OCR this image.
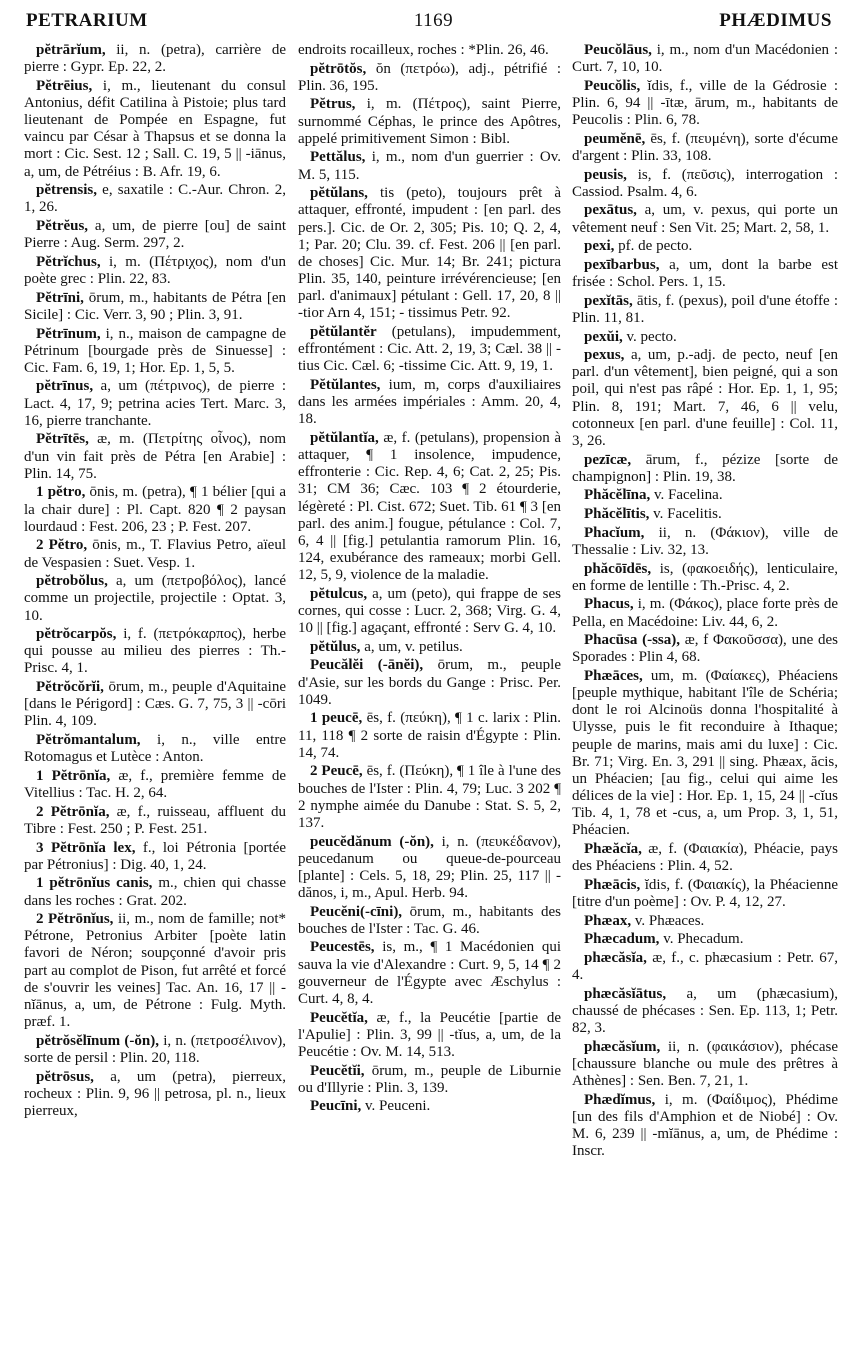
PETRARIUM	1169	PHÆDIMUS

pĕtrārĭum, ii, n. (petra), carrière de pierre : Gypr. Ep. 22, 2.

Pĕtrēius, i, m., lieutenant du consul Antonius, défit Catilina à Pistoie; plus tard lieutenant de Pompée en Espagne, fut vaincu par César à Thapsus et se donna la mort : Cic. Sest. 12 ; Sall. C. 19, 5 || -iānus, a, um, de Pétréius : B. Afr. 19, 6.

pĕtrensis, e, saxatile : C.-Aur. Chron. 2, 1, 26.

Pĕtrĕus, a, um, de pierre [ou] de saint Pierre : Aug. Serm. 297, 2.

Pĕtrĭchus, i, m. (Πέτριχος), nom d'un poète grec : Plin. 22, 83.

Pĕtrīni, ōrum, m., habitants de Pétra [en Sicile] : Cic. Verr. 3, 90 ; Plin. 3, 91.

Pĕtrīnum, i, n., maison de campagne de Pétrinum [bourgade près de Sinuesse] : Cic. Fam. 6, 19, 1; Hor. Ep. 1, 5, 5.

pĕtrīnus, a, um (πέτρινος), de pierre : Lact. 4, 17, 9; petrina acies Tert. Marc. 3, 16, pierre tranchante.

Pĕtrītēs, æ, m. (Πετρίτης οἶνος), nom d'un vin fait près de Pétra [en Arabie] : Plin. 14, 75.

1 pĕtro, ōnis, m. (petra), ¶ 1 bélier [qui a la chair dure] : Pl. Capt. 820 ¶ 2 paysan lourdaud : Fest. 206, 23 ; P. Fest. 207.

2 Pĕtro, ōnis, m., T. Flavius Petro, aïeul de Vespasien : Suet. Vesp. 1.

pĕtrobŏlus, a, um (πετροβόλος), lancé comme un projectile, projectile : Optat. 3, 10.

pĕtrŏcarpŏs, i, f. (πετρόκαρπος), herbe qui pousse au milieu des pierres : Th.-Prisc. 4, 1.

Pĕtrŏcŏrĭi, ōrum, m., peuple d'Aquitaine [dans le Périgord] : Cæs. G. 7, 75, 3 || -cōri Plin. 4, 109.

Pĕtrŏmantalum, i, n., ville entre Rotomagus et Lutèce : Anton.

1 Pĕtrōnĭa, æ, f., première femme de Vitellius : Tac. H. 2, 64.

2 Pĕtrōnĭa, æ, f., ruisseau, affluent du Tibre : Fest. 250 ; P. Fest. 251.

3 Pĕtrōnĭa lex, f., loi Pétronia [portée par Pétronius] : Dig. 40, 1, 24.

1 pĕtrōnĭus canis, m., chien qui chasse dans les roches : Grat. 202.

2 Pĕtrōnĭus, ii, m., nom de famille; not* Pétrone, Petronius Arbiter [poète latin favori de Néron; soupçonné d'avoir pris part au complot de Pison, fut arrêté et forcé de s'ouvrir les veines] Tac. An. 16, 17 || -nĭānus, a, um, de Pétrone : Fulg. Myth. præf. 1.

pĕtrŏsĕlīnum (-ŏn), i, n. (πετροσέλινον), sorte de persil : Plin. 20, 118.

pĕtrōsus, a, um (petra), pierreux, rocheux : Plin. 9, 96 || petrosa, pl. n., lieux pierreux,

endroits rocailleux, roches : *Plin. 26, 46.

pĕtrōtŏs, ŏn (πετρόω), adj., pétrifié : Plin. 36, 195.

Pĕtrus, i, m. (Πέτρος), saint Pierre, surnommé Céphas, le prince des Apôtres, appelé primitivement Simon : Bibl.

Pettălus, i, m., nom d'un guerrier : Ov. M. 5, 115.

pĕtŭlans, tis (peto), toujours prêt à attaquer, effronté, impudent : [en parl. des pers.]. Cic. de Or. 2, 305; Pis. 10; Q. 2, 4, 1; Par. 20; Clu. 39. cf. Fest. 206 || [en parl. de choses] Cic. Mur. 14; Br. 241; pictura Plin. 35, 140, peinture irrévérencieuse; [en parl. d'animaux] pétulant : Gell. 17, 20, 8 || -tior Arn 4, 151; - tissimus Petr. 92.

pĕtŭlantĕr (petulans), impudemment, effrontément : Cic. Att. 2, 19, 3; Cæl. 38 || -tius Cic. Cæl. 6; -tissime Cic. Att. 9, 19, 1.

Pĕtŭlantes, ium, m, corps d'auxiliaires dans les armées impériales : Amm. 20, 4, 18.

pĕtŭlantĭa, æ, f. (petulans), propension à attaquer, ¶ 1 insolence, impudence, effronterie : Cic. Rep. 4, 6; Cat. 2, 25; Pis. 31; CM 36; Cæc. 103 ¶ 2 étourderie, légèreté : Pl. Cist. 672; Suet. Tib. 61 ¶ 3 [en parl. des anim.] fougue, pétulance : Col. 7, 6, 4 || [fig.] petulantia ramorum Plin. 16, 124, exubérance des rameaux; morbi Gell. 12, 5, 9, violence de la maladie.

pĕtulcus, a, um (peto), qui frappe de ses cornes, qui cosse : Lucr. 2, 368; Virg. G. 4, 10 || [fig.] agaçant, effronté : Serv G. 4, 10.

pĕtŭlus, a, um, v. petilus.

Peucălĕi (-ānĕi), ōrum, m., peuple d'Asie, sur les bords du Gange : Prisc. Per. 1049.

1 peucē, ēs, f. (πεύκη), ¶ 1 c. larix : Plin. 11, 118 ¶ 2 sorte de raisin d'Égypte : Plin. 14, 74.

2 Peucē, ēs, f. (Πεύκη), ¶ 1 île à l'une des bouches de l'Ister : Plin. 4, 79; Luc. 3 202 ¶ 2 nymphe aimée du Danube : Stat. S. 5, 2, 137.

peucĕdănum (-ŏn), i, n. (πευκέδανον), peucedanum ou queue-de-pourceau [plante] : Cels. 5, 18, 29; Plin. 25, 117 || -dănos, i, m., Apul. Herb. 94.

Peucĕni(-cīni), ōrum, m., habitants des bouches de l'Ister : Tac. G. 46.

Peucestēs, is, m., ¶ 1 Macédonien qui sauva la vie d'Alexandre : Curt. 9, 5, 14 ¶ 2 gouverneur de l'Égypte avec Æschylus : Curt. 4, 8, 4.

Peucĕtĭa, æ, f., la Peucétie [partie de l'Apulie] : Plin. 3, 99 || -tĭus, a, um, de la Peucétie : Ov. M. 14, 513.

Peucĕtĭi, ōrum, m., peuple de Liburnie ou d'Illyrie : Plin. 3, 139.

Peucīni, v. Peuceni.

Peucŏlāus, i, m., nom d'un Macédonien : Curt. 7, 10, 10.

Peucŏlis, ĭdis, f., ville de la Gédrosie : Plin. 6, 94 || -ītæ, ārum, m., habitants de Peucolis : Plin. 6, 78.

peumĕnē, ēs, f. (πευμένη), sorte d'écume d'argent : Plin. 33, 108.

peusis, is, f. (πεῦσις), interrogation : Cassiod. Psalm. 4, 6.

pexātus, a, um, v. pexus, qui porte un vêtement neuf : Sen Vit. 25; Mart. 2, 58, 1.

pexi, pf. de pecto.

pexībarbus, a, um, dont la barbe est frisée : Schol. Pers. 1, 15.

pexĭtās, ātis, f. (pexus), poil d'une étoffe : Plin. 11, 81.

pexŭi, v. pecto.

pexus, a, um, p.-adj. de pecto, neuf [en parl. d'un vêtement], bien peigné, qui a son poil, qui n'est pas râpé : Hor. Ep. 1, 1, 95; Plin. 8, 191; Mart. 7, 46, 6 || velu, cotonneux [en parl. d'une feuille] : Col. 11, 3, 26.

pezīcæ, ārum, f., pézize [sorte de champignon] : Plin. 19, 38.

Phăcĕlīna, v. Facelina.

Phăcĕlītis, v. Facelitis.

Phacĭum, ii, n. (Φάκιον), ville de Thessalie : Liv. 32, 13.

phăcōīdēs, is, (φακοειδής), lenticulaire, en forme de lentille : Th.-Prisc. 4, 2.

Phacus, i, m. (Φάκος), place forte près de Pella, en Macédoine: Liv. 44, 6, 2.

Phacūsa (-ssa), æ, f Φακοῦσσα), une des Sporades : Plin 4, 68.

Phæāces, um, m. (Φαίακες), Phéaciens [peuple mythique, habitant l'île de Schéria; dont le roi Alcinoüs donna l'hospitalité à Ulysse, puis le fit reconduire à Ithaque; peuple de marins, mais ami du luxe] : Cic. Br. 71; Virg. En. 3, 291 || sing. Phæax, ăcis, un Phéacien; [au fig., celui qui aime les délices de la vie] : Hor. Ep. 1, 15, 24 || -cĭus Tib. 4, 1, 78 et -cus, a, um Prop. 3, 1, 51, Phéacien.

Phæăcĭa, æ, f. (Φαιακία), Phéacie, pays des Phéaciens : Plin. 4, 52.

Phæācis, ĭdis, f. (Φαιακίς), la Phéacienne [titre d'un poème] : Ov. P. 4, 12, 27.

Phæax, v. Phæaces.

Phæcadum, v. Phecadum.

phæcăsĭa, æ, f., c. phæcasium : Petr. 67, 4.

phæcăsĭātus, a, um (phæcasium), chaussé de phécases : Sen. Ep. 113, 1; Petr. 82, 3.

phæcăsĭum, ii, n. (φαικάσιον), phécase [chaussure blanche ou mule des prêtres à Athènes] : Sen. Ben. 7, 21, 1.

Phædĭmus, i, m. (Φαίδιμος), Phédime [un des fils d'Amphion et de Niobé] : Ov. M. 6, 239 || -mĭānus, a, um, de Phédime : Inscr.
